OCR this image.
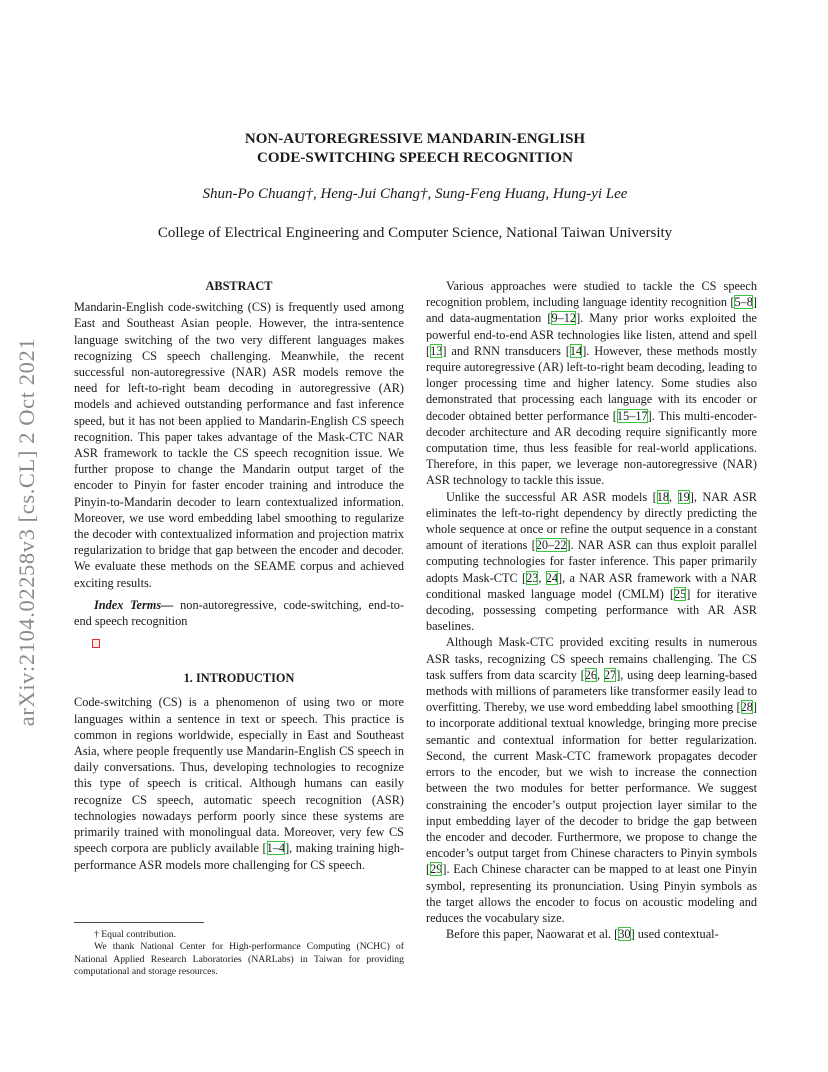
arXiv:2104.02258v3 [cs.CL] 2 Oct 2021
NON-AUTOREGRESSIVE MANDARIN-ENGLISH
CODE-SWITCHING SPEECH RECOGNITION
Shun-Po Chuang†, Heng-Jui Chang†, Sung-Feng Huang, Hung-yi Lee
College of Electrical Engineering and Computer Science, National Taiwan University

ABSTRACT

Mandarin-English code-switching (CS) is frequently used among East and Southeast Asian people. However, the intra-sentence language switching of the two very different languages makes recognizing CS speech challenging. Meanwhile, the recent successful non-autoregressive (NAR) ASR models remove the need for left-to-right beam decoding in autoregressive (AR) models and achieved outstanding performance and fast inference speed, but it has not been applied to Mandarin-English CS speech recognition. This paper takes advantage of the Mask-CTC NAR ASR framework to tackle the CS speech recognition issue. We further propose to change the Mandarin output target of the encoder to Pinyin for faster encoder training and introduce the Pinyin-to-Mandarin decoder to learn contextualized information. Moreover, we use word embedding label smoothing to regularize the decoder with contextualized information and projection matrix regularization to bridge that gap between the encoder and decoder. We evaluate these methods on the SEAME corpus and achieved exciting results.

Index Terms— non-autoregressive, code-switching, end-to-end speech recognition

1. INTRODUCTION

Code-switching (CS) is a phenomenon of using two or more languages within a sentence in text or speech. This practice is common in regions worldwide, especially in East and Southeast Asia, where people frequently use Mandarin-English CS speech in daily conversations. Thus, developing technologies to recognize this type of speech is critical. Although humans can easily recognize CS speech, automatic speech recognition (ASR) technologies nowadays perform poorly since these systems are primarily trained with monolingual data. Moreover, very few CS speech corpora are publicly available [1–4], making training high-performance ASR models more challenging for CS speech.

† Equal contribution.

We thank National Center for High-performance Computing (NCHC) of National Applied Research Laboratories (NARLabs) in Taiwan for providing computational and storage resources.

Various approaches were studied to tackle the CS speech recognition problem, including language identity recognition [5–8] and data-augmentation [9–12]. Many prior works exploited the powerful end-to-end ASR technologies like listen, attend and spell [13] and RNN transducers [14]. However, these methods mostly require autoregressive (AR) left-to-right beam decoding, leading to longer processing time and higher latency. Some studies also demonstrated that processing each language with its encoder or decoder obtained better performance [15–17]. This multi-encoder-decoder architecture and AR decoding require significantly more computation time, thus less feasible for real-world applications. Therefore, in this paper, we leverage non-autoregressive (NAR) ASR technology to tackle this issue.

Unlike the successful AR ASR models [18, 19], NAR ASR eliminates the left-to-right dependency by directly predicting the whole sequence at once or refine the output sequence in a constant amount of iterations [20–22]. NAR ASR can thus exploit parallel computing technologies for faster inference. This paper primarily adopts Mask-CTC [23, 24], a NAR ASR framework with a NAR conditional masked language model (CMLM) [25] for iterative decoding, possessing competing performance with AR ASR baselines.

Although Mask-CTC provided exciting results in numerous ASR tasks, recognizing CS speech remains challenging. The CS task suffers from data scarcity [26, 27], using deep learning-based methods with millions of parameters like transformer easily lead to overfitting. Thereby, we use word embedding label smoothing [28] to incorporate additional textual knowledge, bringing more precise semantic and contextual information for better regularization. Second, the current Mask-CTC framework propagates decoder errors to the encoder, but we wish to increase the connection between the two modules for better performance. We suggest constraining the encoder’s output projection layer similar to the input embedding layer of the decoder to bridge the gap between the encoder and decoder. Furthermore, we propose to change the encoder’s output target from Chinese characters to Pinyin symbols [29]. Each Chinese character can be mapped to at least one Pinyin symbol, representing its pronunciation. Using Pinyin symbols as the target allows the encoder to focus on acoustic modeling and reduces the vocabulary size.

Before this paper, Naowarat et al. [30] used contextual-
